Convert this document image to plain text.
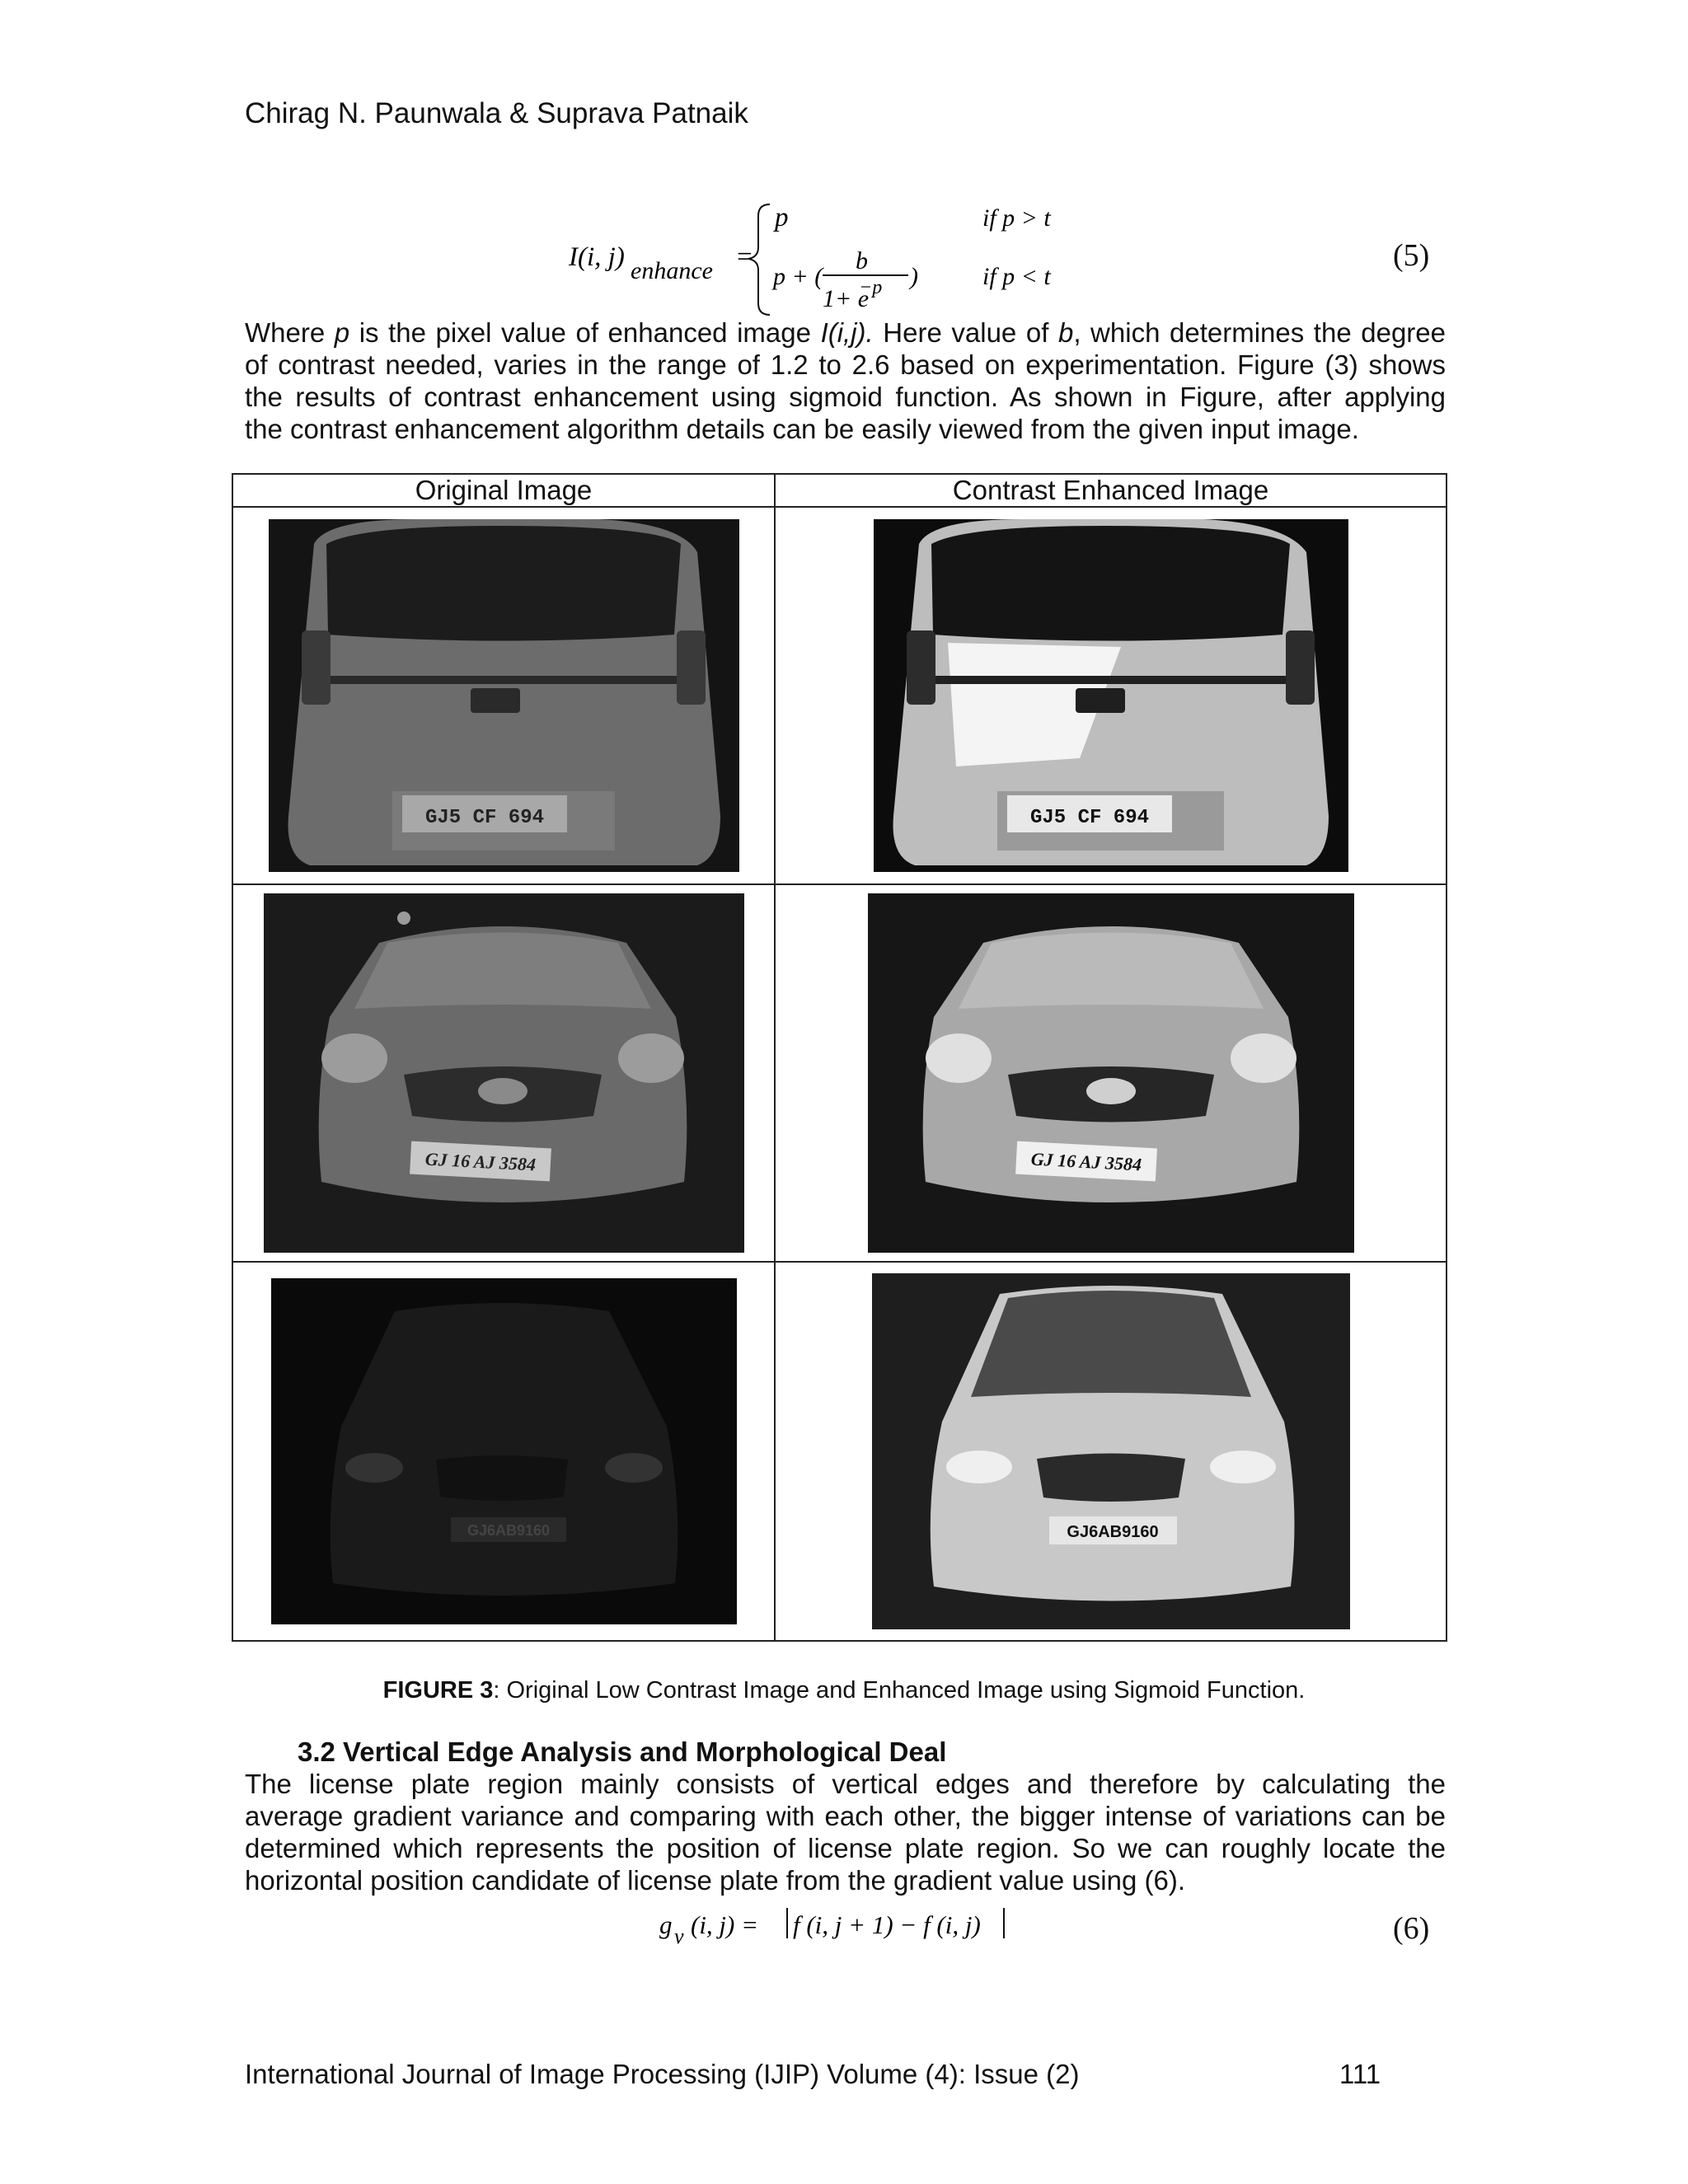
Chirag N. Paunwala & Suprava Patnaik
I(i, j) enhance =
p	if p > t
p + (
b
1+ e
−p )	if p < t
(5)
Where p is the pixel value of enhanced image I(i,j). Here value of b, which determines the degree
of contrast needed, varies in the range of 1.2 to 2.6 based on experimentation. Figure (3) shows
the results of contrast enhancement using sigmoid function. As shown in Figure, after applying
the contrast enhancement algorithm details can be easily viewed from the given input image.
Original Image	Contrast Enhanced Image

GJ5 CF 694	GJ5 CF 694

GJ 16 AJ 3584	GJ 16 AJ 3584

GJ6AB9160	GJ6AB9160
FIGURE 3: Original Low Contrast Image and Enhanced Image using Sigmoid Function.
3.2 Vertical Edge Analysis and Morphological Deal
The license plate region mainly consists of vertical edges and therefore by calculating the
average gradient variance and comparing with each other, the bigger intense of variations can be
determined which represents the position of license plate region. So we can roughly locate the
horizontal position candidate of license plate from the gradient value using (6).
g v (i, j) = f (i, j + 1) − f (i, j)	(6)
International Journal of Image Processing (IJIP) Volume (4): Issue (2)	111
